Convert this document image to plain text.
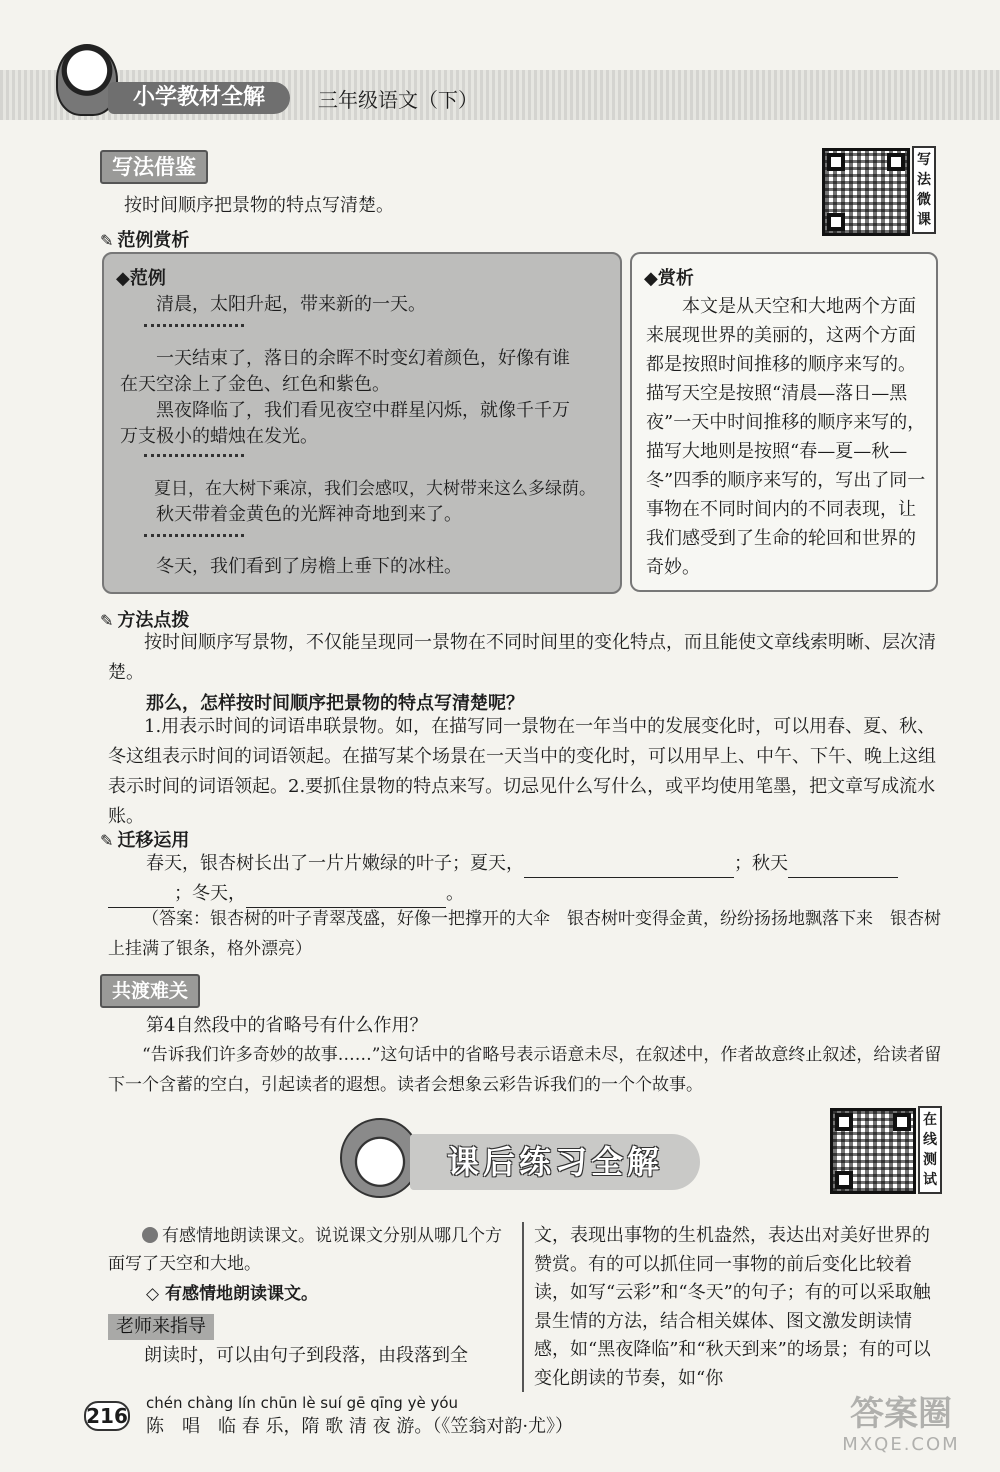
小学教材全解	三年级语文（下）
写法借鉴
按时间顺序把景物的特点写清楚。
写
法
微
课
✎ 范例赏析
◆范例
清晨，太阳升起，带来新的一天。
一天结束了，落日的余晖不时变幻着颜色，好像有谁
在天空涂上了金色、红色和紫色。
黑夜降临了，我们看见夜空中群星闪烁，就像千千万
万支极小的蜡烛在发光。
夏日，在大树下乘凉，我们会感叹，大树带来这么多绿荫。
秋天带着金黄色的光辉神奇地到来了。
冬天，我们看到了房檐上垂下的冰柱。
◆赏析
本文是从天空和大地两个方面来展现世界的美丽的，这两个方面都是按照时间推移的顺序来写的。描写天空是按照“清晨—落日—黑夜”一天中时间推移的顺序来写的，描写大地则是按照“春—夏—秋—冬”四季的顺序来写的，写出了同一事物在不同时间内的不同表现，让我们感受到了生命的轮回和世界的奇妙。
✎ 方法点拨
按时间顺序写景物，不仅能呈现同一景物在不同时间里的变化特点，而且能使文章线索明晰、层次清楚。
那么，怎样按时间顺序把景物的特点写清楚呢？
1.用表示时间的词语串联景物。如，在描写同一景物在一年当中的发展变化时，可以用春、夏、秋、冬这组表示时间的词语领起。在描写某个场景在一天当中的变化时，可以用早上、中午、下午、晚上这组表示时间的词语领起。2.要抓住景物的特点来写。切忌见什么写什么，或平均使用笔墨，把文章写成流水账。
✎ 迁移运用
春天，银杏树长出了一片片嫩绿的叶子；夏天，	；秋天
；冬天，	。
（答案：银杏树的叶子青翠茂盛，好像一把撑开的大伞　银杏树叶变得金黄，纷纷扬扬地飘落下来　银杏树上挂满了银条，格外漂亮）
共渡难关
第4自然段中的省略号有什么作用？
“告诉我们许多奇妙的故事……”这句话中的省略号表示语意未尽，在叙述中，作者故意终止叙述，给读者留下一个含蓄的空白，引起读者的遐想。读者会想象云彩告诉我们的一个个故事。
课后练习全解
在
线
测
试
有感情地朗读课文。说说课文分别从哪几个方面写了天空和大地。
◇ 有感情地朗读课文。
老师来指导
朗读时，可以由句子到段落，由段落到全
文，表现出事物的生机盎然，表达出对美好世界的赞赏。有的可以抓住同一事物的前后变化比较着读，如写“云彩”和“冬天”的句子；有的可以采取触景生情的方法，结合相关媒体、图文激发朗读情感，如“黑夜降临”和“秋天到来”的场景；有的可以变化朗读的节奏，如“你
216
chén chàng lín chūn lè suí gē qīng yè yóu
陈　唱　临 春 乐，隋 歌 清 夜 游。（《笠翁对韵·尤》）	答案圈
MXQE.COM
